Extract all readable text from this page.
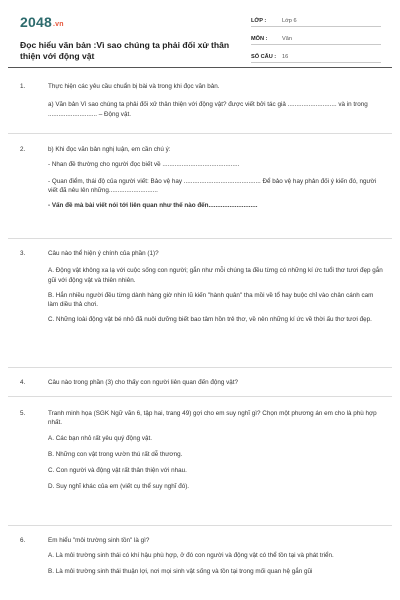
2048.vn
Đọc hiểu văn bản :Vì sao chúng ta phải đối xử thân thiện với động vật
LỚP :	Lớp 6
MÔN :	Văn
SỐ CÂU :	16
1.	Thực hiện các yêu cầu chuẩn bị bài và trong khi đọc văn bản.
a) Văn bản Vì sao chúng ta phải đối xử thân thiện với động vật? được viết bởi tác giả ............................ và in trong ............................ – Động vật.
2.	b) Khi đọc văn bản nghị luận, em cần chú ý:
- Nhan đề thường cho người đọc biết về ............................................
- Quan điểm, thái độ của người viết: Bảo vệ hay ............................................ Để bảo vệ hay phản đối ý kiến đó, người viết đã nêu lên những............................
- Vấn đề mà bài viết nói tới liên quan như thế nào đến............................
3.	Câu nào thể hiện ý chính của phần (1)?
A. Động vật không xa lạ với cuộc sống con người; gắn như mỗi chúng ta đều từng có những kí ức tuổi thơ tươi đẹp gắn gũi với động vật và thiên nhiên.
B. Hắn nhiều người đều từng dành hàng giờ nhìn lũ kiến "hành quân" tha mồi về tổ hay buộc chỉ vào chân cánh cam làm diều thả chơi.
C. Những loài động vật bé nhỏ đã nuôi dưỡng biết bao tâm hồn trẻ thơ, về nên những kí ức về thời ấu thơ tươi đẹp.
4.	Câu nào trong phần (3) cho thấy con người liên quan đến động vật?
5.	Tranh minh họa (SGK Ngữ văn 6, tập hai, trang 49) gợi cho em suy nghĩ gì? Chọn một phương án em cho là phù hợp nhất.
A. Các bạn nhỏ rất yêu quý động vật.
B. Những con vật trong vườn thú rất dễ thương.
C. Con người và động vật rất thân thiện với nhau.
D. Suy nghĩ khác của em (viết cụ thể suy nghĩ đó).
6.	Em hiểu "môi trường sinh tồn" là gì?
A. Là môi trường sinh thái có khí hậu phù hợp, ở đó con người và động vật có thể tồn tại và phát triển.
B. Là môi trường sinh thái thuận lợi, nơi mọi sinh vật sống và tồn tại trong mối quan hệ gắn gũi
